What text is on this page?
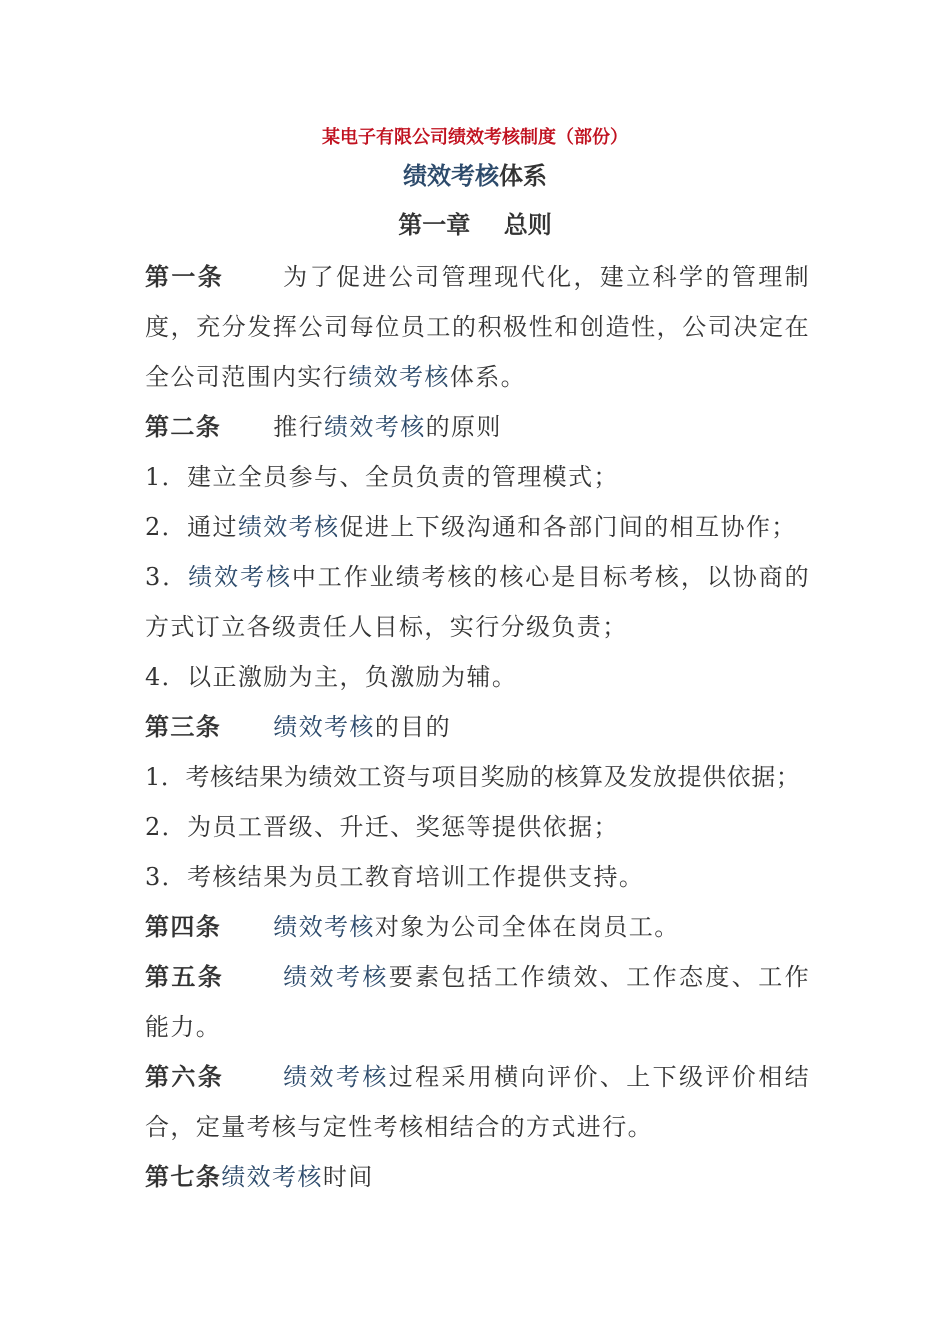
某电子有限公司绩效考核制度（部份）
绩效考核体系
第一章    总则

第一条 为了促进公司管理现代化，建立科学的管理制度，充分发挥公司每位员工的积极性和创造性，公司决定在全公司范围内实行绩效考核体系。

第二条 推行绩效考核的原则

1．建立全员参与、全员负责的管理模式；

2．通过绩效考核促进上下级沟通和各部门间的相互协作；

3．绩效考核中工作业绩考核的核心是目标考核，以协商的方式订立各级责任人目标，实行分级负责；

4．以正激励为主，负激励为辅。

第三条 绩效考核的目的

1．考核结果为绩效工资与项目奖励的核算及发放提供依据；

2．为员工晋级、升迁、奖惩等提供依据；

3．考核结果为员工教育培训工作提供支持。

第四条 绩效考核对象为公司全体在岗员工。

第五条 绩效考核要素包括工作绩效、工作态度、工作能力。

第六条 绩效考核过程采用横向评价、上下级评价相结合，定量考核与定性考核相结合的方式进行。

第七条绩效考核时间
